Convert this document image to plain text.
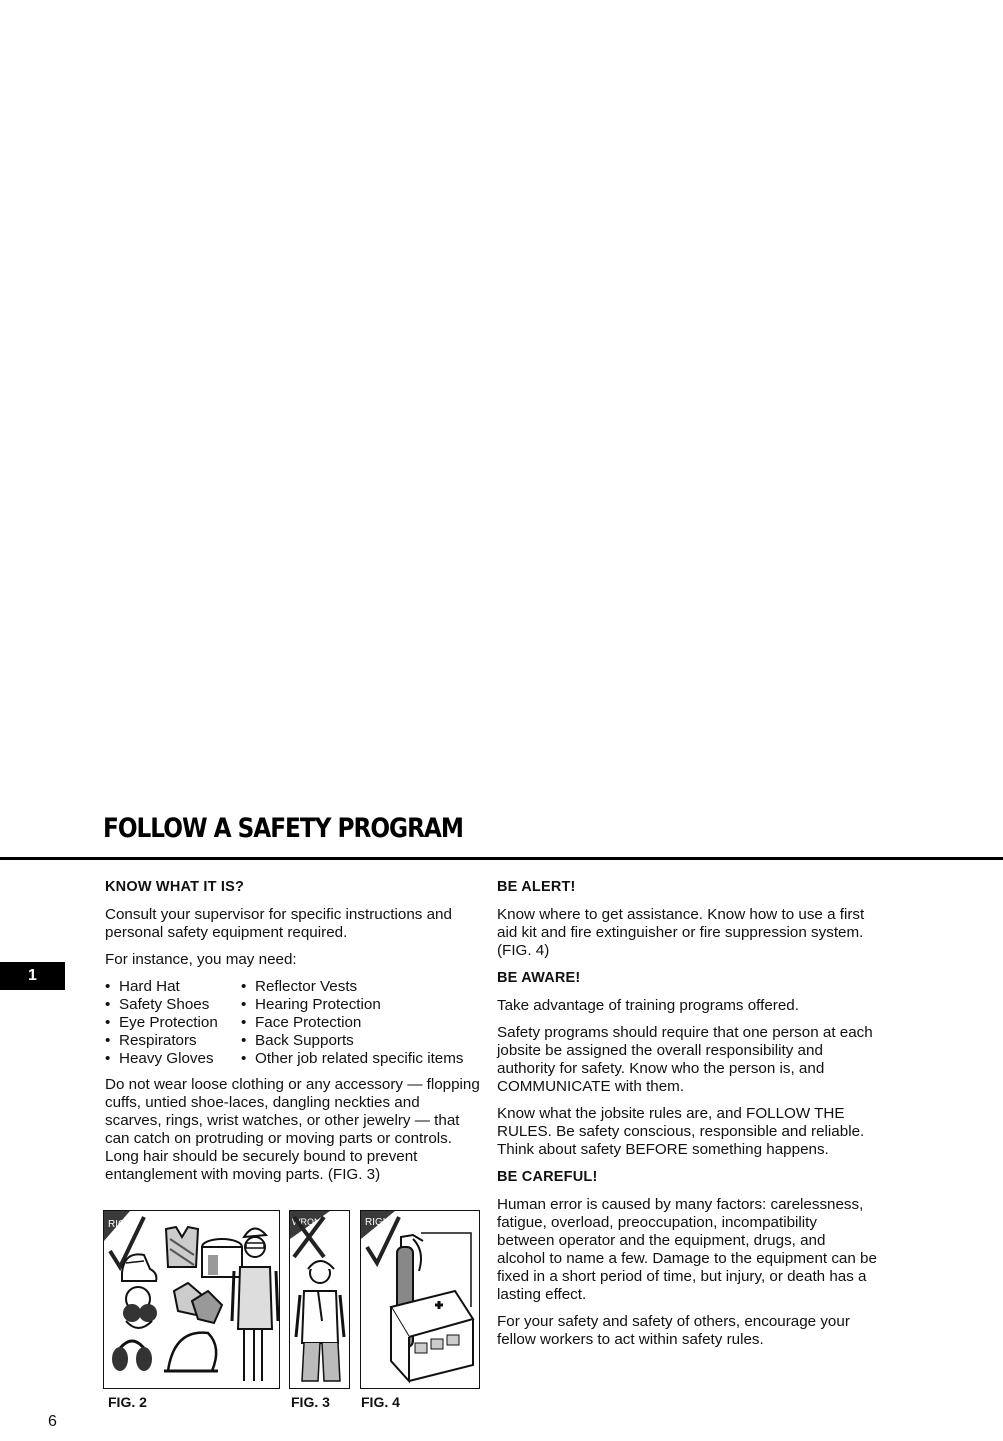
FOLLOW A SAFETY PROGRAM
1
KNOW WHAT IT IS?

Consult your supervisor for specific instructions and personal safety equipment required.

For instance, you may need:

• Hard Hat
• Safety Shoes
• Eye Protection
• Respirators
• Heavy Gloves
• Reflector Vests
• Hearing Protection
• Face Protection
• Back Supports
• Other job related specific items

Do not wear loose clothing or any accessory — flopping cuffs, untied shoe-laces, dangling neckties and scarves, rings, wrist watches, or other jewelry — that can catch on protruding or moving parts or controls. Long hair should be securely bound to prevent entanglement with moving parts. (FIG. 3)

BE ALERT!

Know where to get assistance. Know how to use a first aid kit and fire extinguisher or fire suppression system. (FIG. 4)

BE AWARE!

Take advantage of training programs offered.

Safety programs should require that one person at each jobsite be assigned the overall responsibility and authority for safety. Know who the person is, and COMMUNICATE with them.

Know what the jobsite rules are, and FOLLOW THE RULES. Be safety conscious, responsible and reliable. Think about safety BEFORE something happens.

BE CAREFUL!

Human error is caused by many factors: carelessness, fatigue, overload, preoccupation, incompatibility between operator and the equipment, drugs, and alcohol to name a few. Damage to the equipment can be fixed in a short period of time, but injury, or death has a lasting effect.

For your safety and safety of others, encourage your fellow workers to act within safety rules.

RIGHT
FIG. 2
WRONG
FIG. 3
RIGHT
FIG. 4
6
